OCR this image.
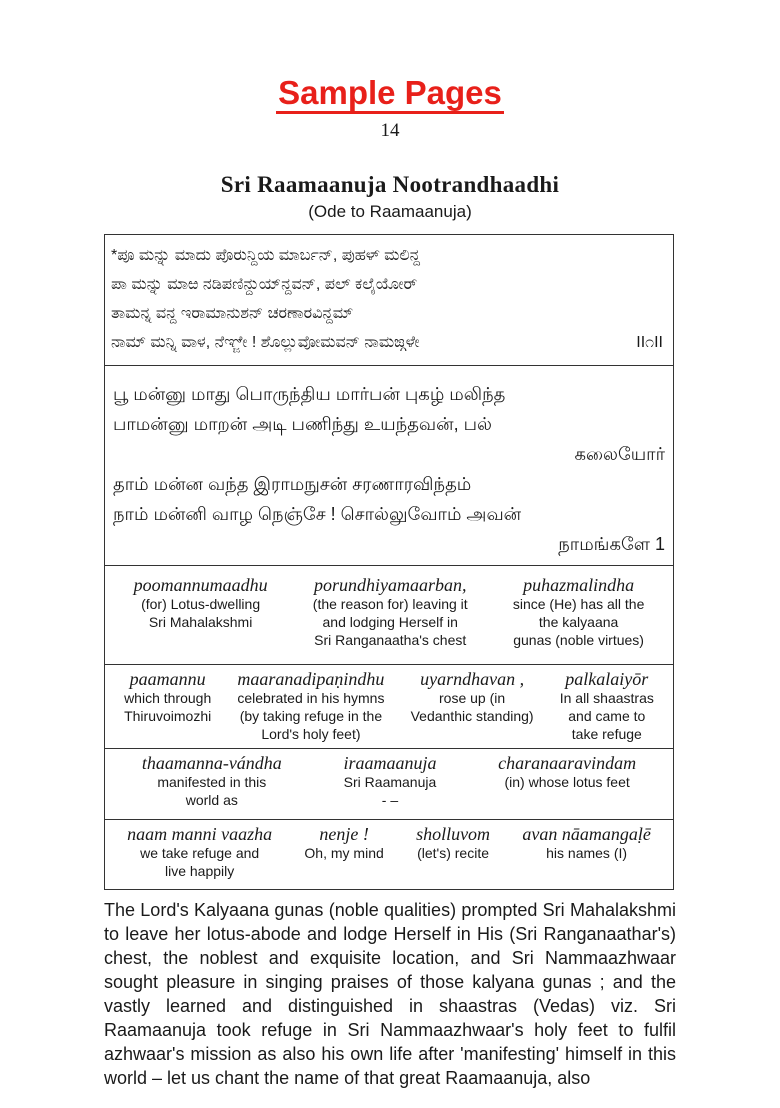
Sample Pages
14
Sri Raamaanuja Nootrandhaadhi
(Ode to Raamaanuja)
*ಪೂ ಮನ್ನು ಮಾದು ಪೊರುನ್ದಿಯ ಮಾರ್ಬನ್, ಪುಹಳ್ ಮಲಿನ್ದ
ಪಾ ಮನ್ನು ಮಾಱ ನಡಿಪಣಿನ್ದುಯ್‌ನ್ದವನ್, ಪಲ್ ಕಲೈಯೋರ್
ತಾಮನ್ನ ವನ್ದ ಇರಾಮಾನುಶನ್ ಚರಣಾರವಿನ್ದಮ್
ನಾಮ್ ಮನ್ನಿ ವಾಳ, ನೆಞ್ಜೇ ! ಶೊಲ್ಲುವೋಮವನ್ ನಾಮಙ್ಗಳೇ	II೧II
பூ மன்னு மாது பொருந்திய மார்பன் புகழ் மலிந்த
பாமன்னு மாறன் அடி பணிந்து உயந்தவன், பல்
கலையோர்
தாம் மன்ன வந்த இராமநுசன் சரணாரவிந்தம்
நாம் மன்னி வாழ நெஞ்சே ! சொல்லுவோம் அவன்
நாமங்களே 1
poomannumaadhu
(for) Lotus-dwelling
Sri Mahalakshmi
porundhiyamaarban,
(the reason for) leaving it
and lodging Herself in
Sri Ranganaatha's chest
puhazmalindha
since (He) has all the
the kalyaana
gunas (noble virtues)
paamannu
which through
Thiruvoimozhi
maaranadipaṇindhu
celebrated in his hymns
(by taking refuge in the
Lord's holy feet)
uyarndhavan ,
rose up (in
Vedanthic standing)
palkalaiyōr
In all shaastras
and came to
take refuge
thaamanna-vándha
manifested in this
world as
iraamaanuja
Sri Raamanuja
- –
charanaaravindam
(in) whose lotus feet
naam manni vaazha
we take refuge and
live happily
nenje !
Oh, my mind
sholluvom
(let's) recite
avan nāamangaḷē
his names (I)
The Lord's Kalyaana gunas (noble qualities) prompted Sri Mahalakshmi to leave her lotus-abode and lodge Herself in His (Sri Ranganaathar's) chest, the noblest and exquisite location, and Sri Nammaazhwaar sought pleasure in singing praises of those kalyana gunas ; and the vastly learned and distinguished in shaastras (Vedas) viz. Sri Raamaanuja took refuge in Sri Nammaazhwaar's holy feet to fulfil azhwaar's mission as also his own life after 'manifesting' himself in this world – let us chant the name of that great Raamaanuja, also
